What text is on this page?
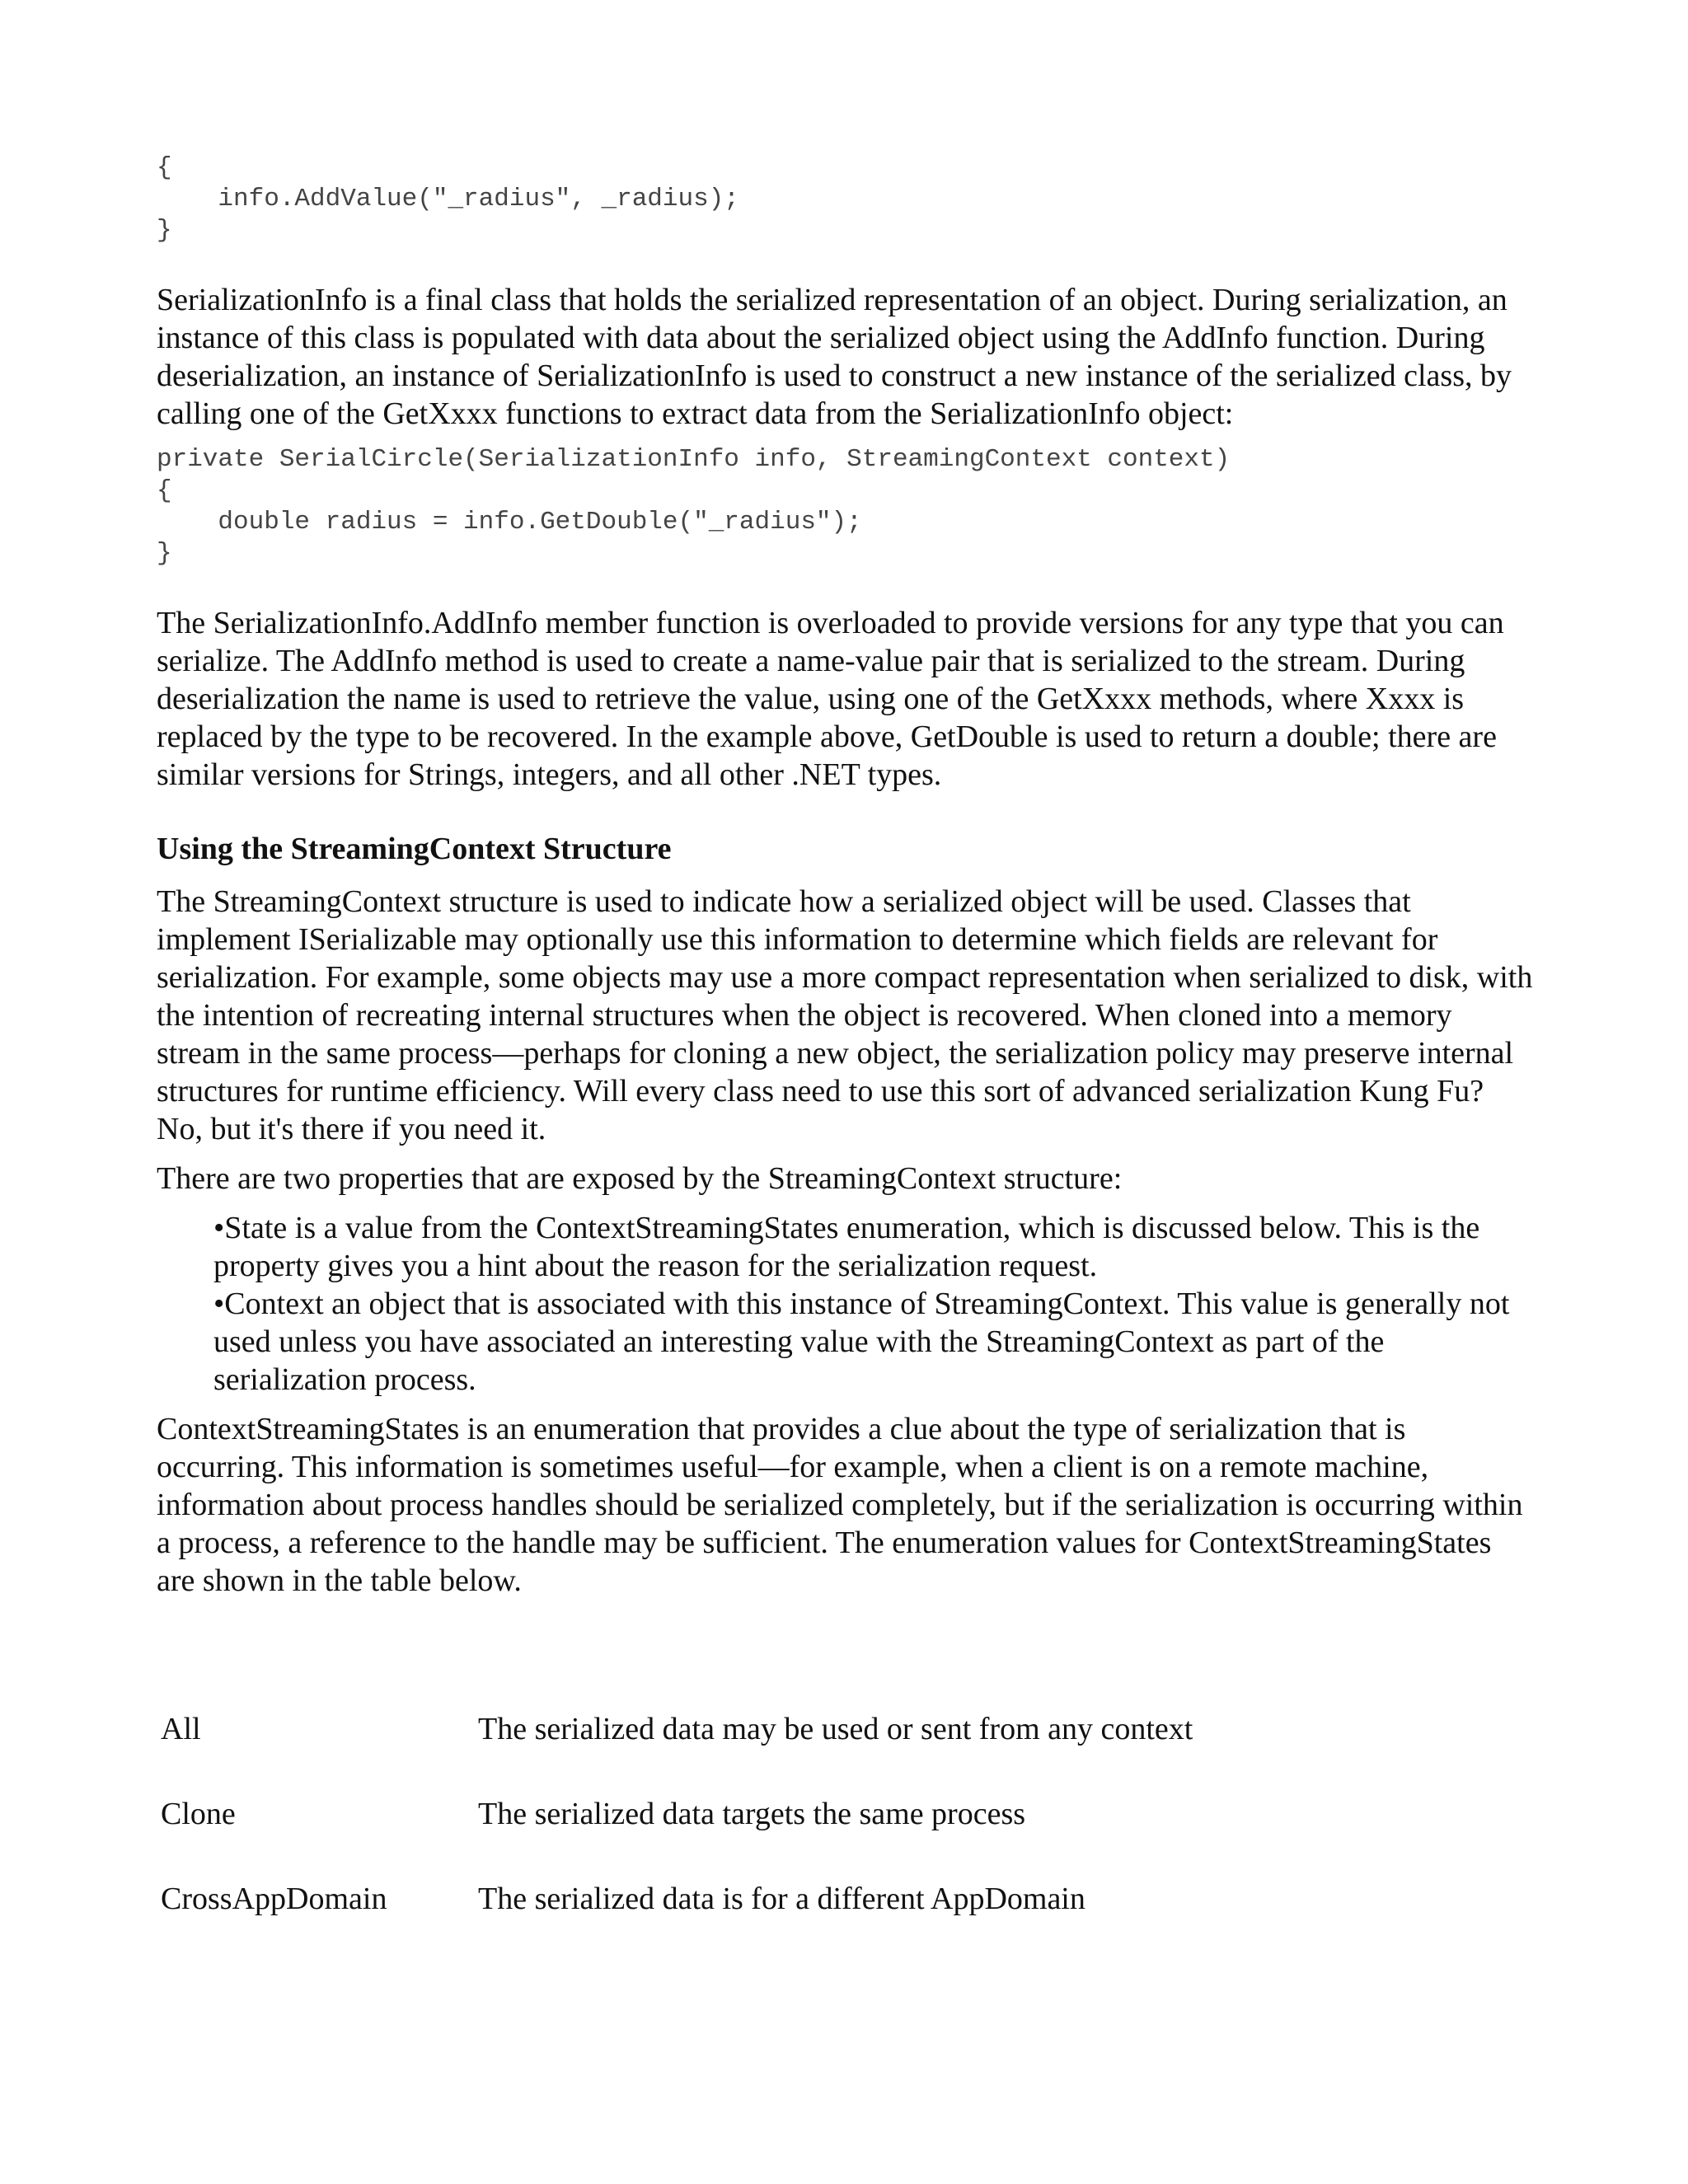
{
info.AddValue("_radius", _radius);
}

SerializationInfo is a final class that holds the serialized representation of an object. During serialization, an instance of this class is populated with data about the serialized object using the AddInfo function. During deserialization, an instance of SerializationInfo is used to construct a new instance of the serialized class, by calling one of the GetXxxx functions to extract data from the SerializationInfo object:

private SerialCircle(SerializationInfo info, StreamingContext context)
{
double radius = info.GetDouble("_radius");
}

The SerializationInfo.AddInfo member function is overloaded to provide versions for any type that you can serialize. The AddInfo method is used to create a name-value pair that is serialized to the stream. During deserialization the name is used to retrieve the value, using one of the GetXxxx methods, where Xxxx is replaced by the type to be recovered. In the example above, GetDouble is used to return a double; there are similar versions for Strings, integers, and all other .NET types.

Using the StreamingContext Structure

The StreamingContext structure is used to indicate how a serialized object will be used. Classes that implement ISerializable may optionally use this information to determine which fields are relevant for serialization. For example, some objects may use a more compact representation when serialized to disk, with the intention of recreating internal structures when the object is recovered. When cloned into a memory stream in the same process—perhaps for cloning a new object, the serialization policy may preserve internal structures for runtime efficiency. Will every class need to use this sort of advanced serialization Kung Fu? No, but it's there if you need it.

There are two properties that are exposed by the StreamingContext structure:

•State is a value from the ContextStreamingStates enumeration, which is discussed below. This is the property gives you a hint about the reason for the serialization request.
•Context an object that is associated with this instance of StreamingContext. This value is generally not used unless you have associated an interesting value with the StreamingContext as part of the serialization process.

ContextStreamingStates is an enumeration that provides a clue about the type of serialization that is occurring. This information is sometimes useful—for example, when a client is on a remote machine, information about process handles should be serialized completely, but if the serialization is occurring within a process, a reference to the handle may be sufficient. The enumeration values for ContextStreamingStates are shown in the table below.

All	The serialized data may be used or sent from any context
Clone	The serialized data targets the same process
CrossAppDomain	The serialized data is for a different AppDomain
